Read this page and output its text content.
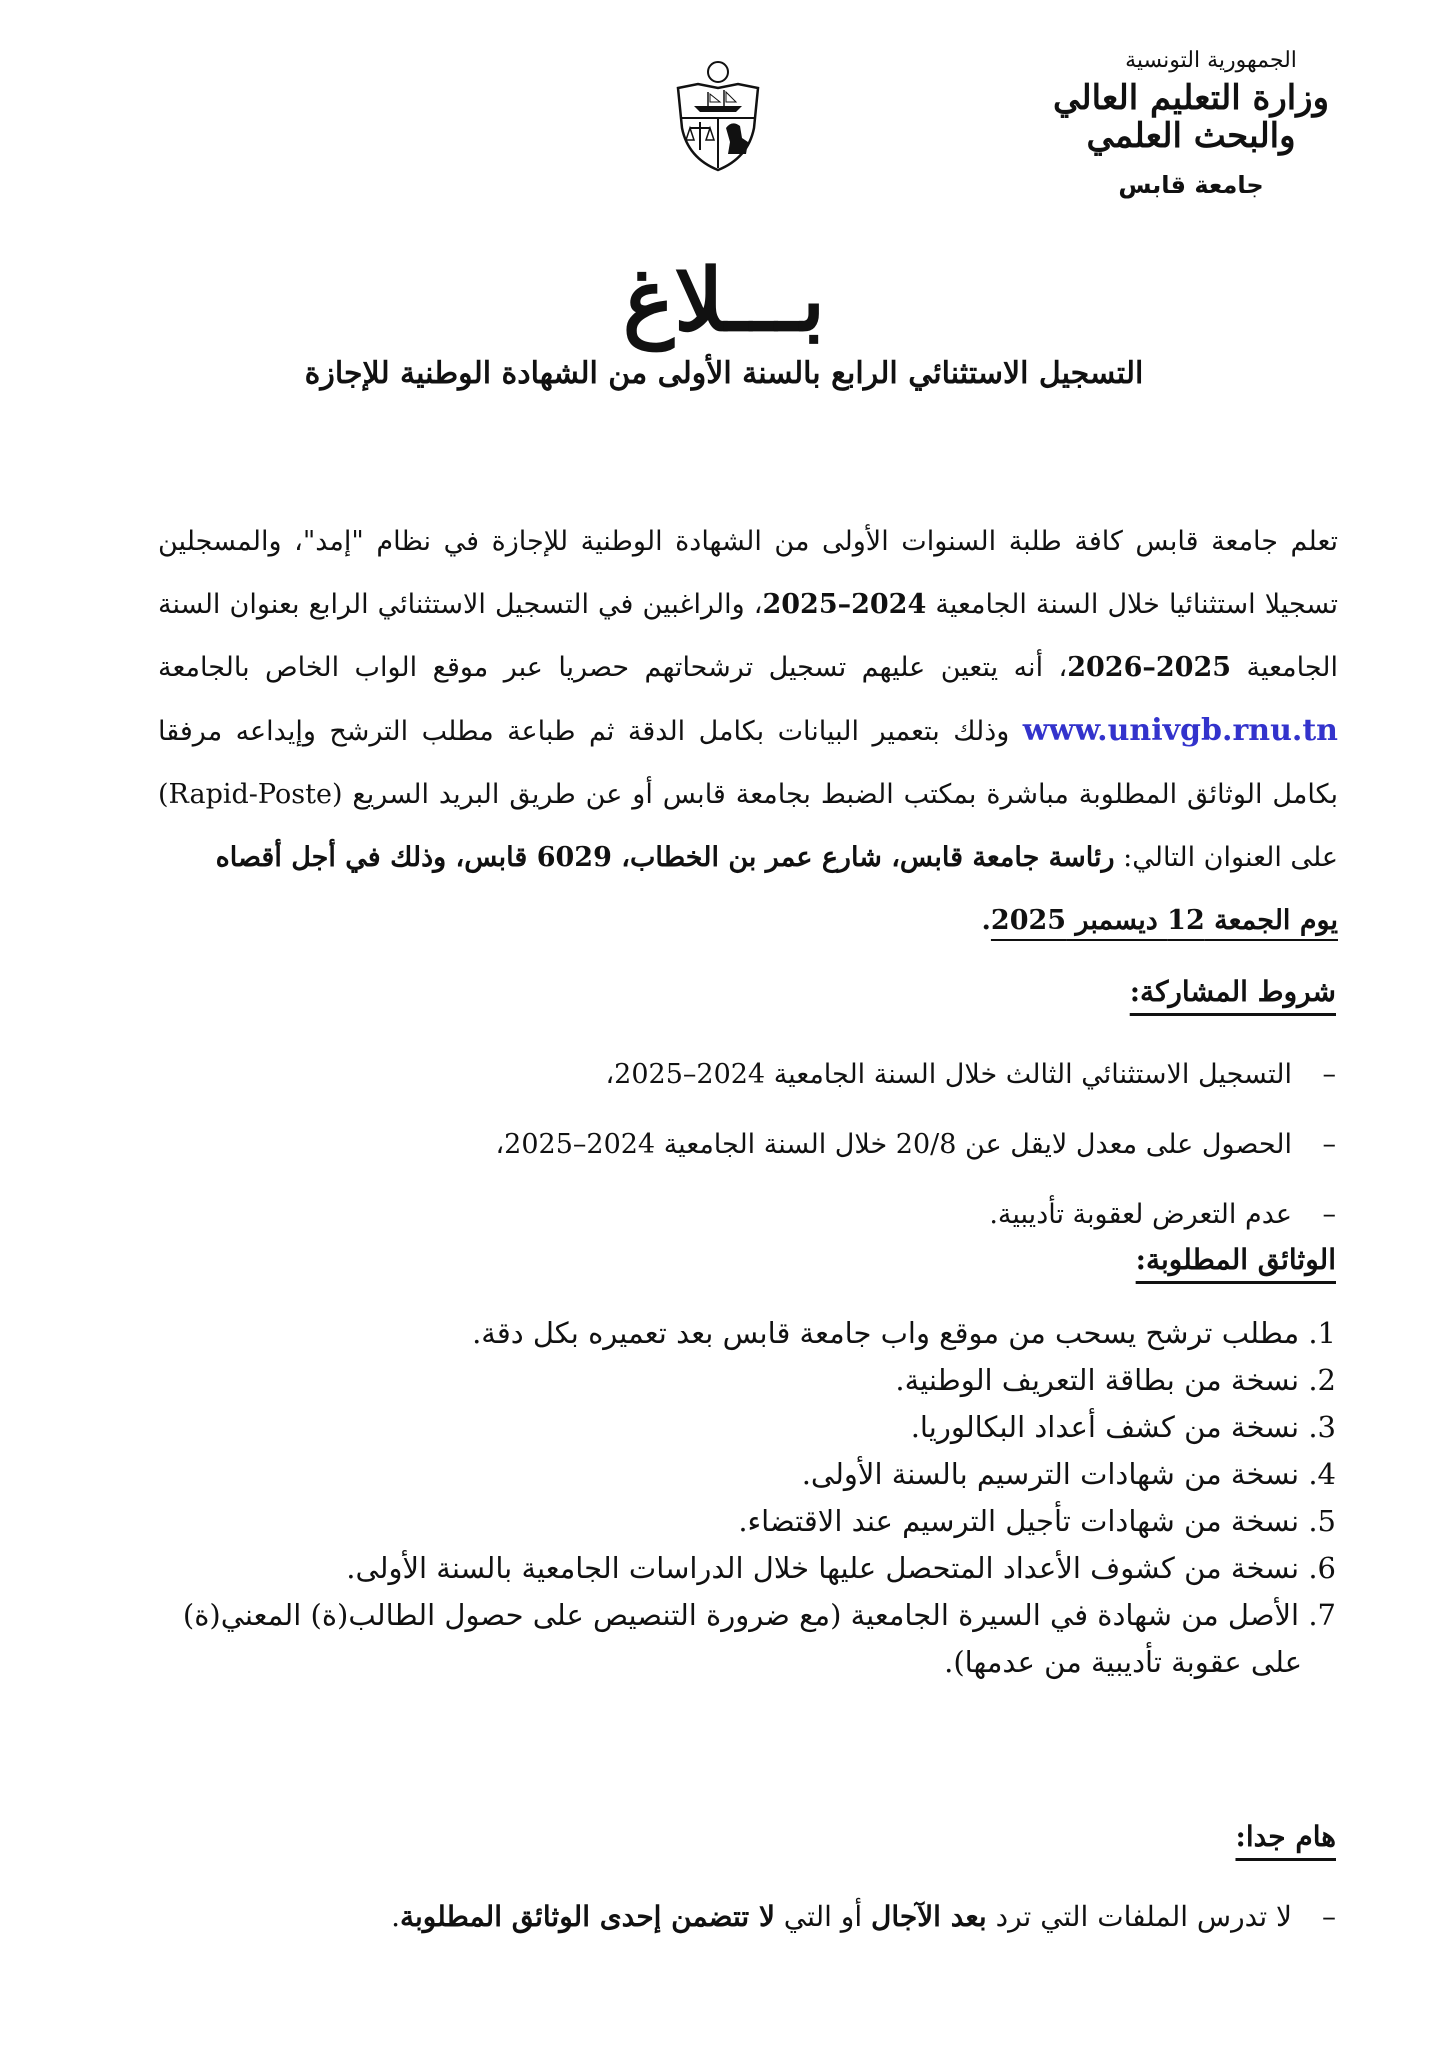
الجمهورية التونسية
وزارة التعليم العالي
والبحث العلمي
جامعة قابس
بـــلاغ
التسجيل الاستثنائي الرابع بالسنة الأولى من الشهادة الوطنية للإجازة
تعلم جامعة قابس كافة طلبة السنوات الأولى من الشهادة الوطنية للإجازة في نظام "إمد"، والمسجلين تسجيلا استثنائيا خلال السنة الجامعية 2024–2025، والراغبين في التسجيل الاستثنائي الرابع بعنوان السنة الجامعية 2025–2026، أنه يتعين عليهم تسجيل ترشحاتهم حصريا عبر موقع الواب الخاص بالجامعة www.univgb.rnu.tn وذلك بتعمير البيانات بكامل الدقة ثم طباعة مطلب الترشح وإيداعه مرفقا بكامل الوثائق المطلوبة مباشرة بمكتب الضبط بجامعة قابس أو عن طريق البريد السريع (Rapid-Poste) على العنوان التالي: رئاسة جامعة قابس، شارع عمر بن الخطاب، 6029 قابس، وذلك في أجل أقصاه
يوم الجمعة 12 ديسمبر 2025.
شروط المشاركة:
–التسجيل الاستثنائي الثالث خلال السنة الجامعية 2024–2025،
–الحصول على معدل لايقل عن 20/8 خلال السنة الجامعية 2024–2025،
–عدم التعرض لعقوبة تأديبية.
الوثائق المطلوبة:
1. مطلب ترشح يسحب من موقع واب جامعة قابس بعد تعميره بكل دقة.
2. نسخة من بطاقة التعريف الوطنية.
3. نسخة من كشف أعداد البكالوريا.
4. نسخة من شهادات الترسيم بالسنة الأولى.
5. نسخة من شهادات تأجيل الترسيم عند الاقتضاء.
6. نسخة من كشوف الأعداد المتحصل عليها خلال الدراسات الجامعية بالسنة الأولى.
7. الأصل من شهادة في السيرة الجامعية (مع ضرورة التنصيص على حصول الطالب(ة) المعني(ة)
على عقوبة تأديبية من عدمها).
هام جدا:
–لا تدرس الملفات التي ترد بعد الآجال أو التي لا تتضمن إحدى الوثائق المطلوبة.
